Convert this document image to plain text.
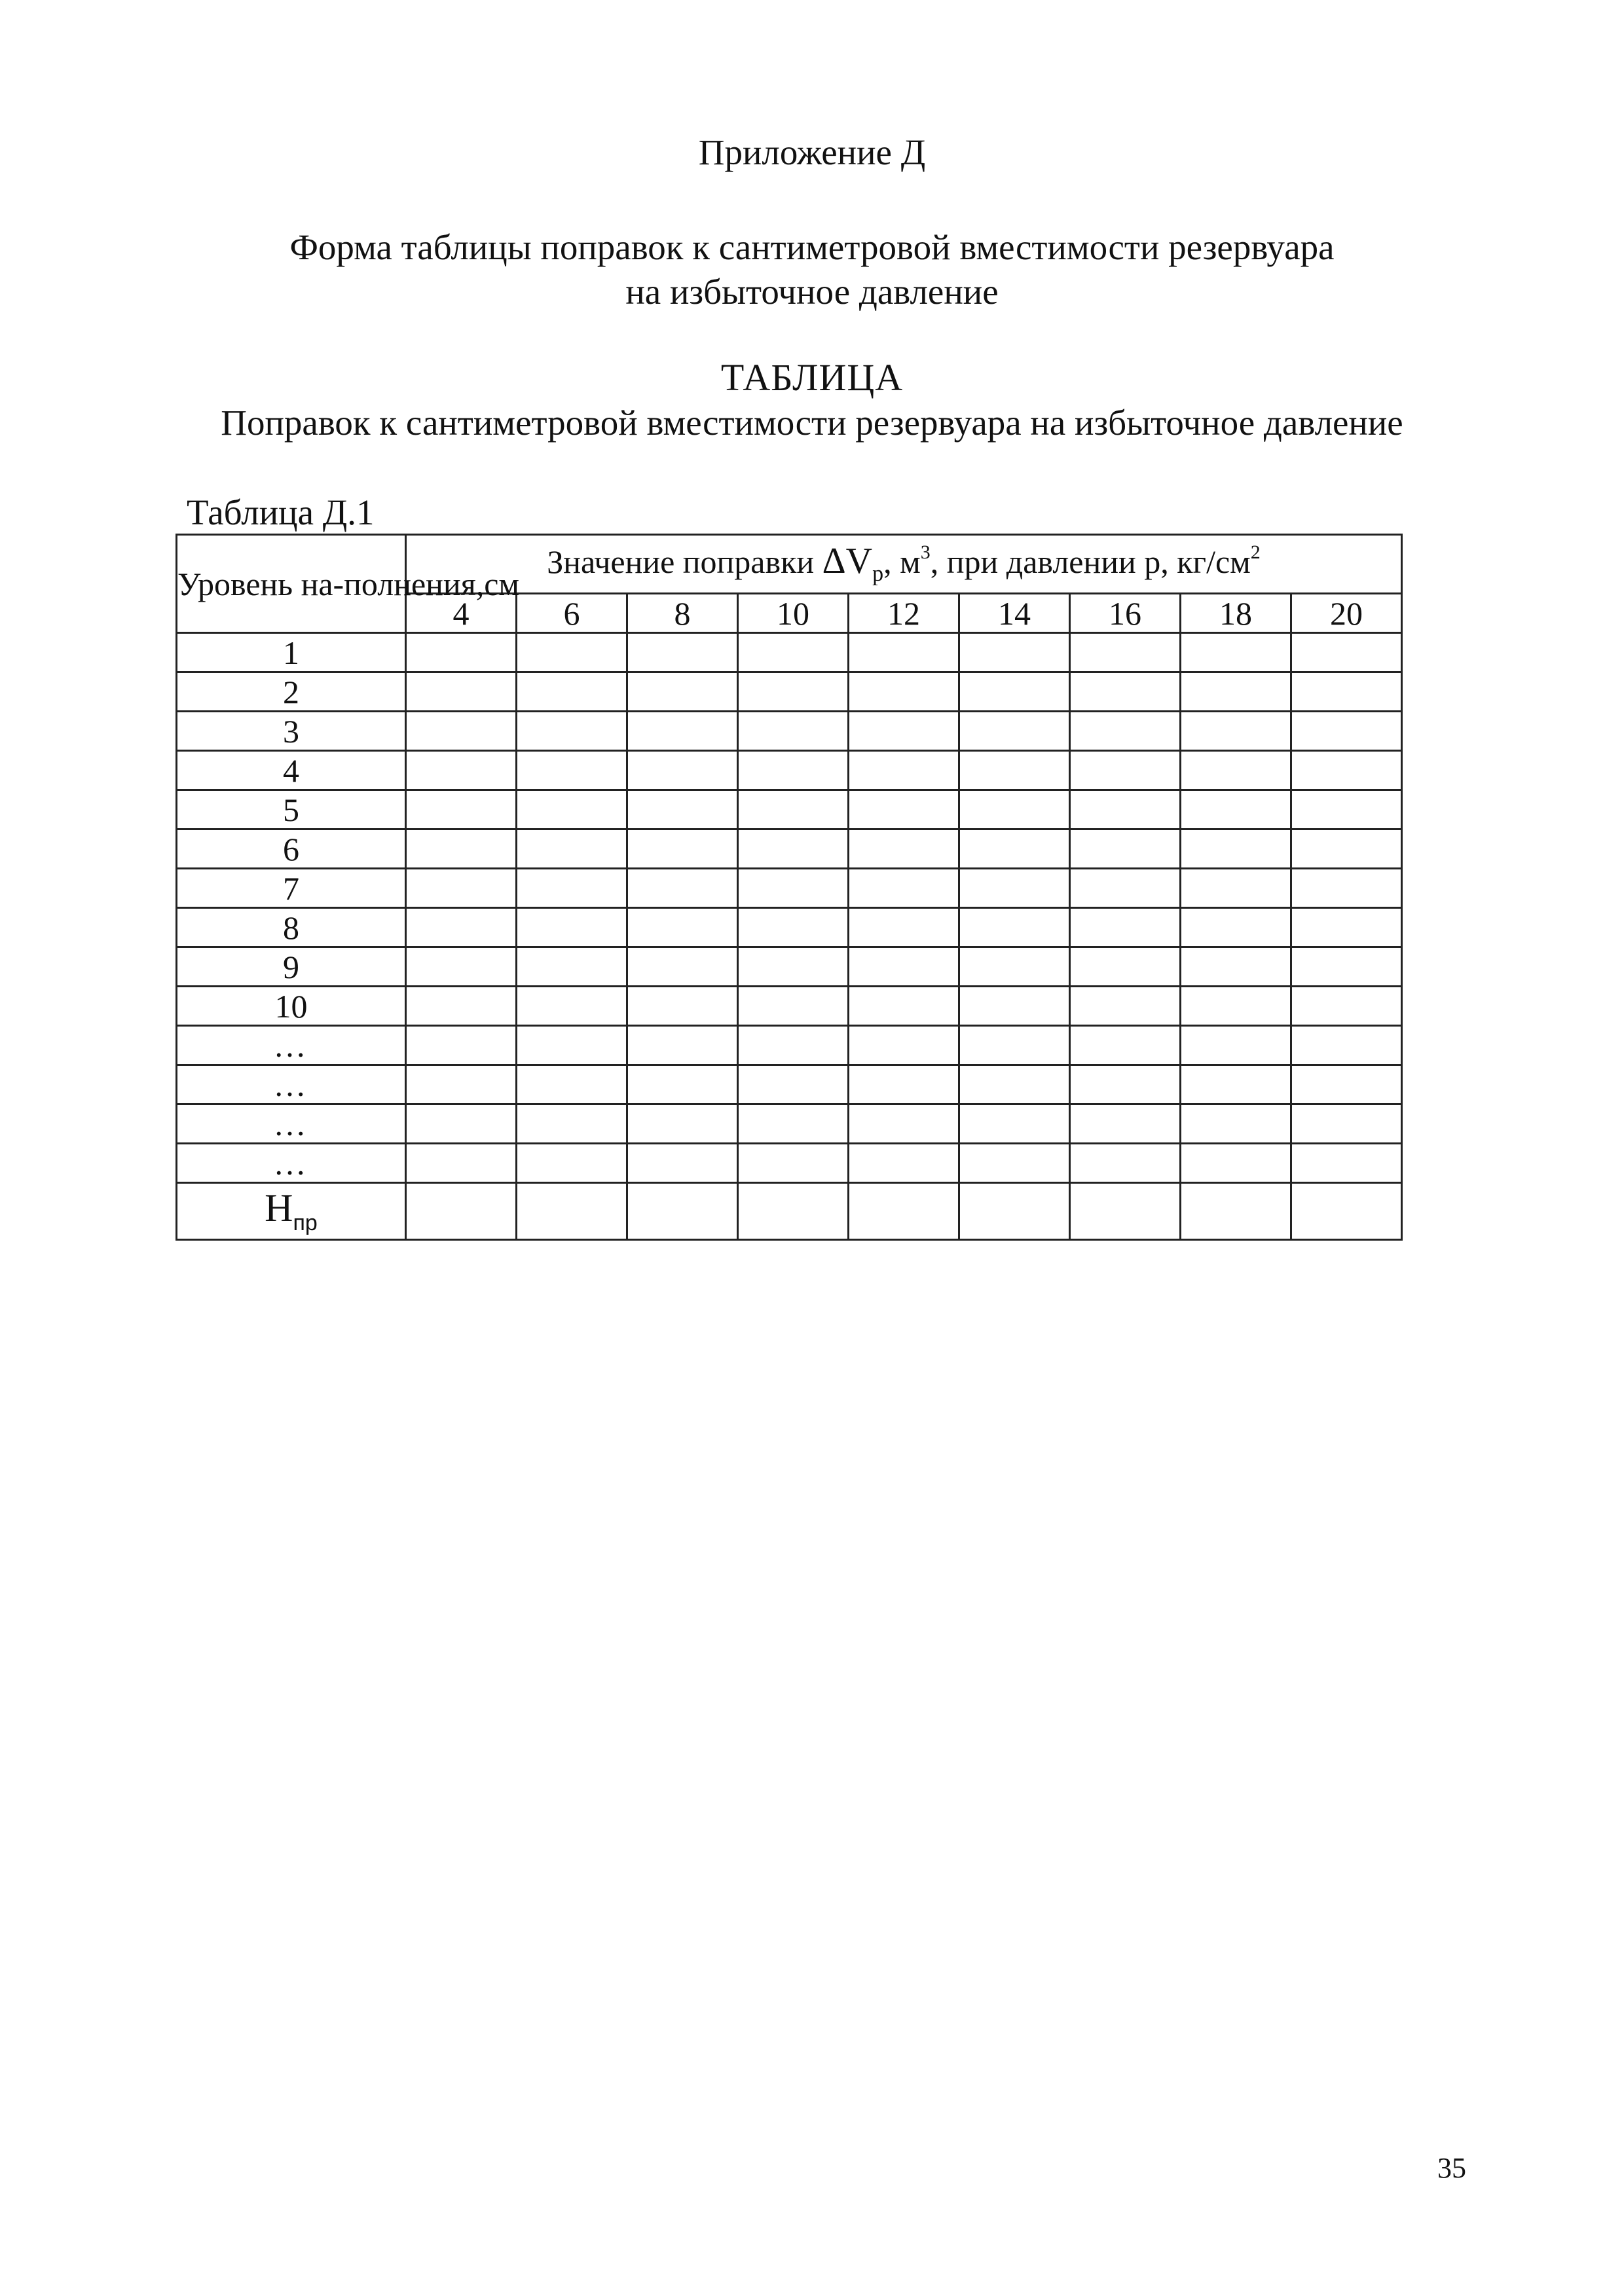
Приложение Д
Форма таблицы поправок к сантиметровой вместимости резервуара
на избыточное давление
ТАБЛИЦА
Поправок к сантиметровой вместимости резервуара на избыточное давление
Таблица Д.1
Уровень на-полнения,см	Значение поправки $\Delta V_p$, $м^3$, при давлении p, $кг/см^2$
	4	6	8	10	12	14	16	18	20
1									
2									
3									
4									
5									
6									
7									
8									
9									
10									
…									
…									
…									
…									
$H_{пр}$									
35
